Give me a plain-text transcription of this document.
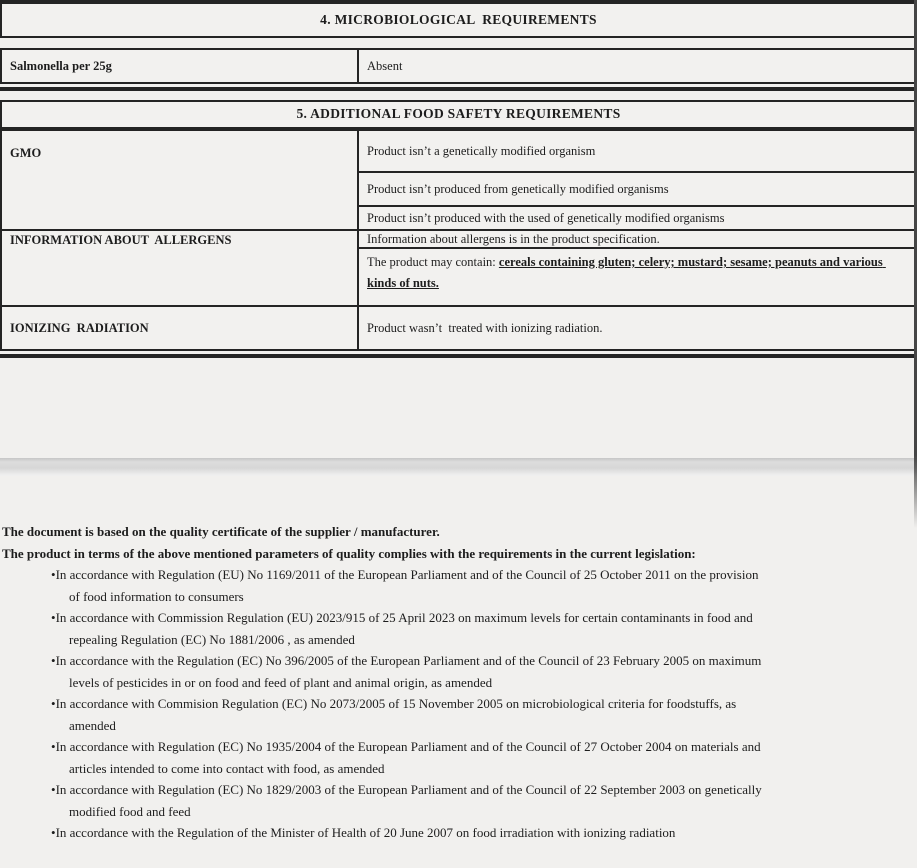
4. MICROBIOLOGICAL  REQUIREMENTS
Salmonella per 25g	Absent
5. ADDITIONAL FOOD SAFETY REQUIREMENTS
GMO	Product isn’t a genetically modified organism
	Product isn’t produced from genetically modified organisms
	Product isn’t produced with the used of genetically modified organisms
INFORMATION ABOUT  ALLERGENS	Information about allergens is in the product specification.
	The product may contain: cereals containing gluten; celery; mustard; sesame; peanuts and various kinds of nuts.
IONIZING  RADIATION	Product wasn’t  treated with ionizing radiation.
The document is based on the quality certificate of the supplier / manufacturer.
The product in terms of the above mentioned parameters of quality complies with the requirements in the current legislation:
• In accordance with Regulation (EU) No 1169/2011 of the European Parliament and of the Council of 25 October 2011 on the provision
of food information to consumers
• In accordance with Commission Regulation (EU) 2023/915 of 25 April 2023 on maximum levels for certain contaminants in food and
repealing Regulation (EC) No 1881/2006 , as amended
• In accordance with the Regulation (EC) No 396/2005 of the European Parliament and of the Council of 23 February 2005 on maximum
levels of pesticides in or on food and feed of plant and animal origin, as amended
• In accordance with Commision Regulation (EC) No 2073/2005 of 15 November 2005 on microbiological criteria for foodstuffs, as
amended
• In accordance with Regulation (EC) No 1935/2004 of the European Parliament and of the Council of 27 October 2004 on materials and
articles intended to come into contact with food, as amended
• In accordance with Regulation (EC) No 1829/2003 of the European Parliament and of the Council of 22 September 2003 on genetically
modified food and feed
• In accordance with the Regulation of the Minister of Health of 20 June 2007 on food irradiation with ionizing radiation
